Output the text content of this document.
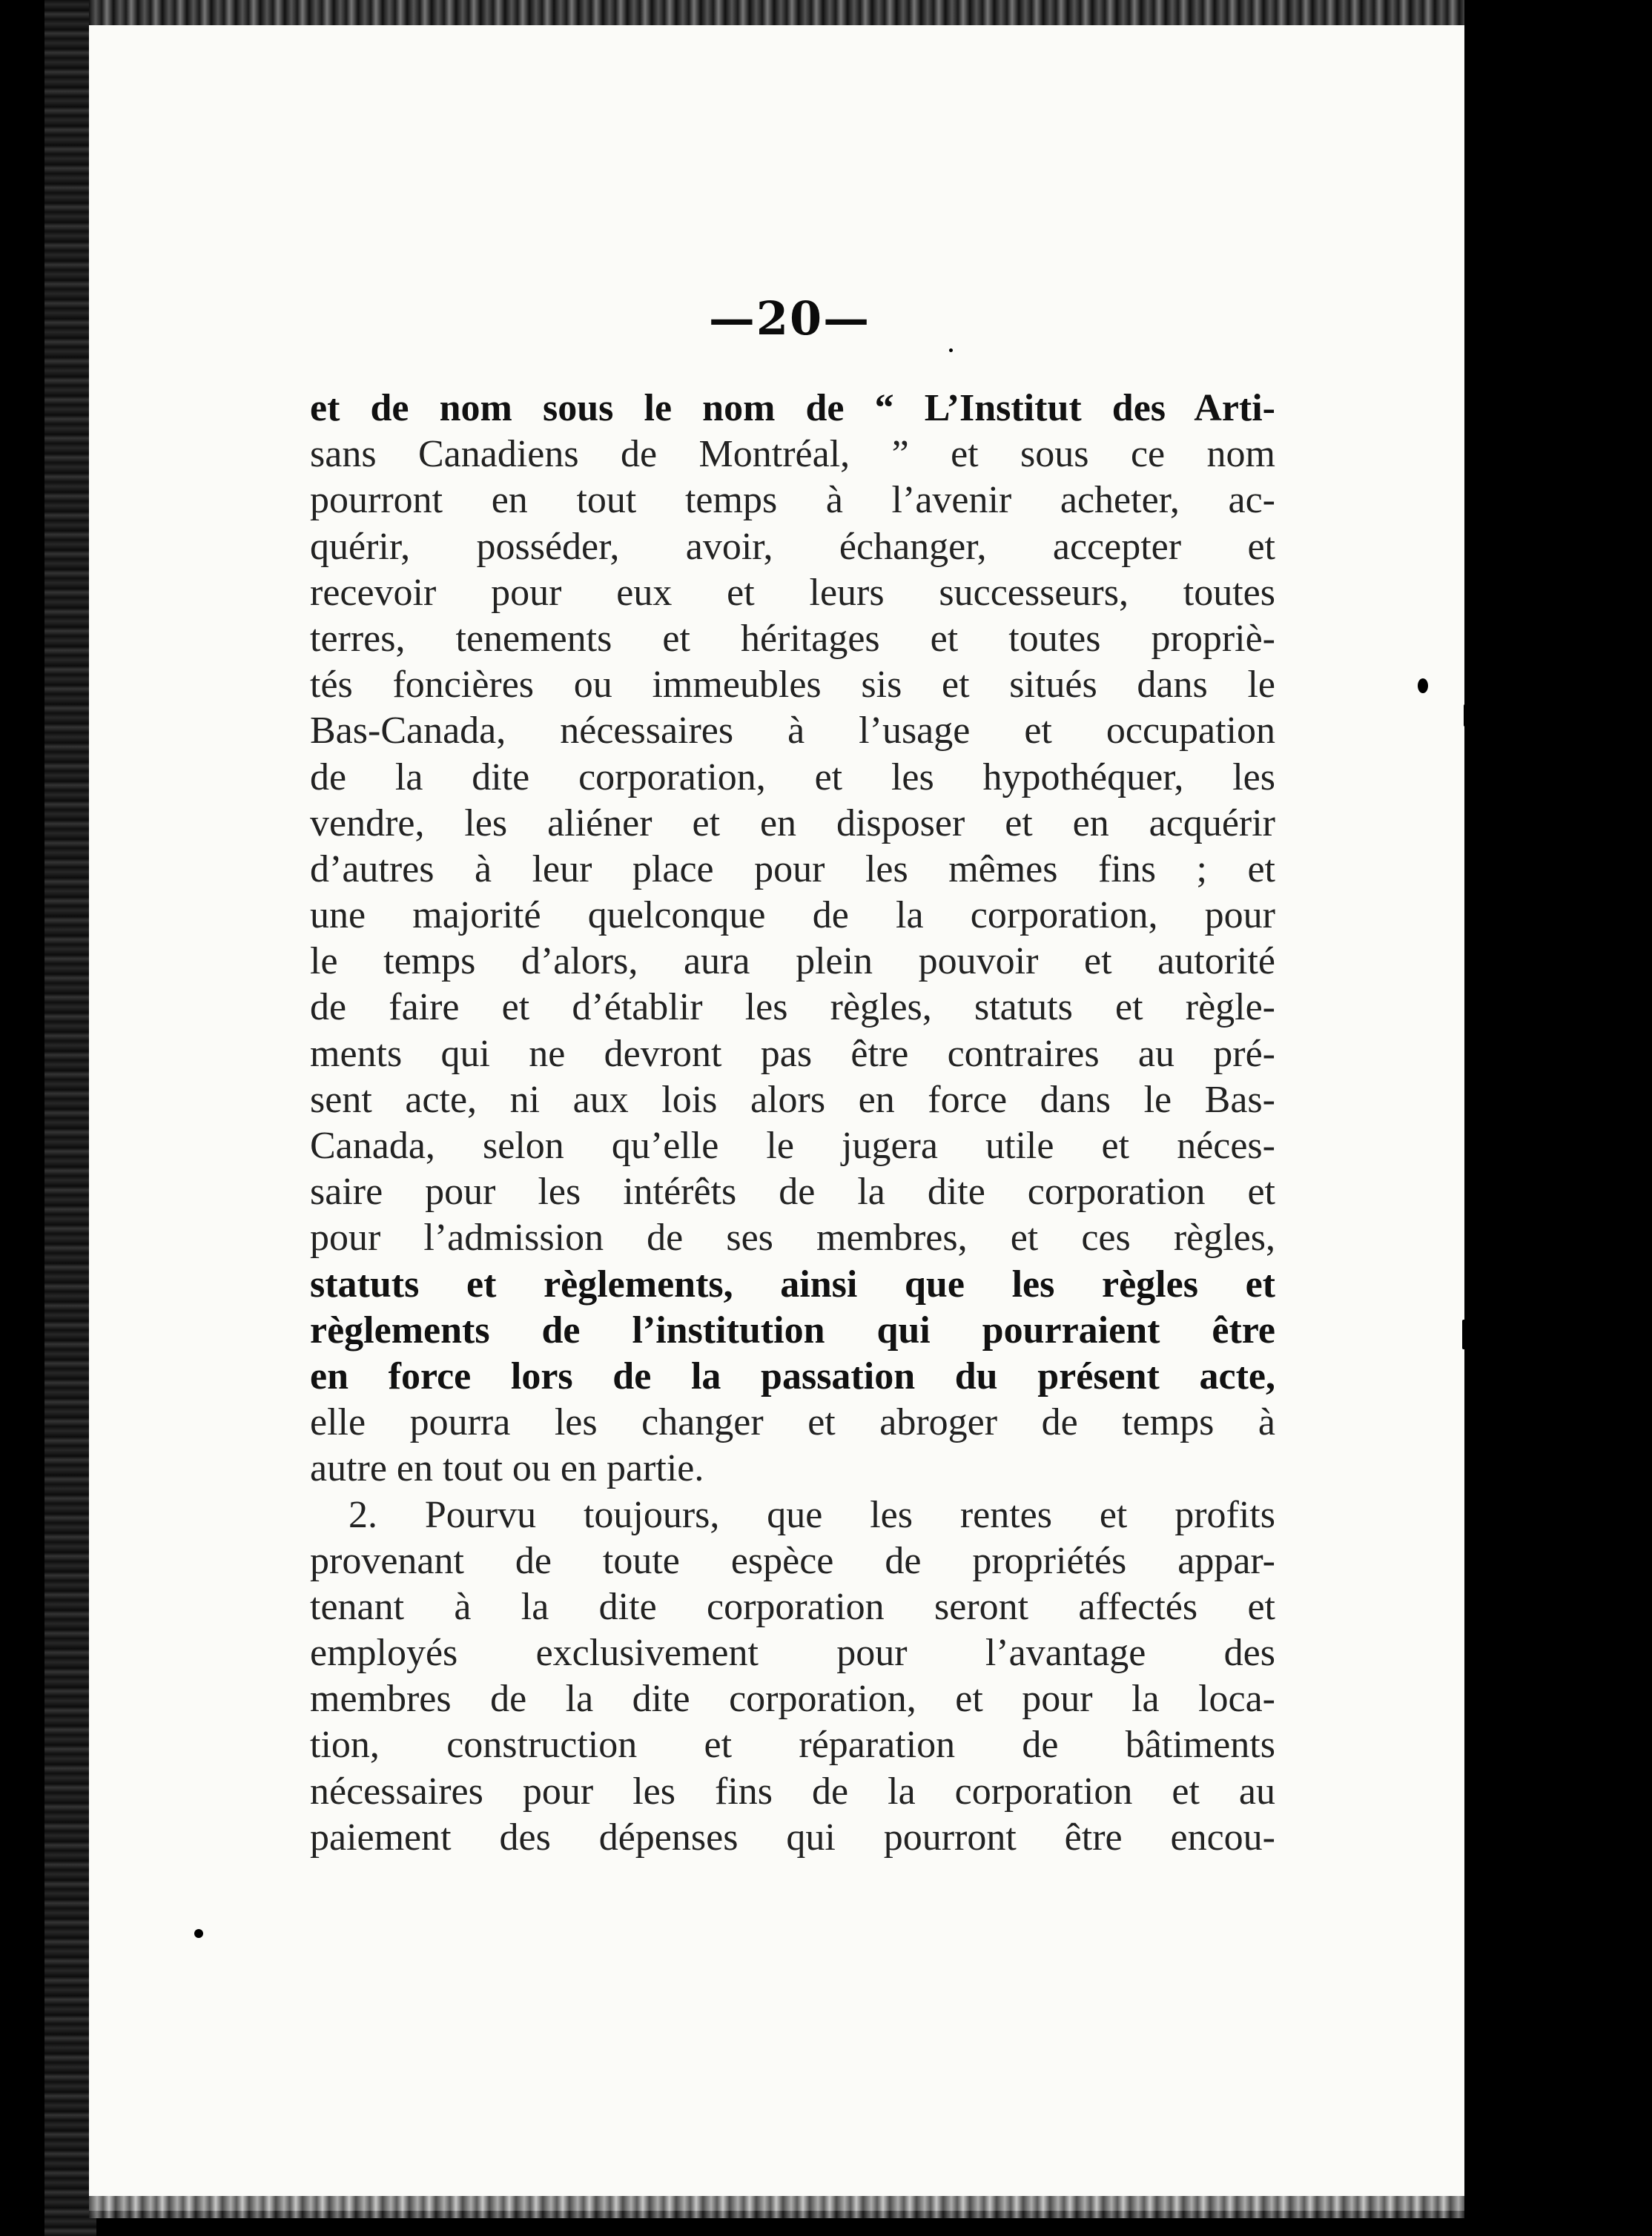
—20—
et de nom sous le nom de “ L’Institut des Arti-
sans Canadiens de Montréal, ” et sous ce nom
pourront en tout temps à l’avenir acheter, ac-
quérir, posséder, avoir, échanger, accepter et
recevoir pour eux et leurs successeurs, toutes
terres, tenements et héritages et toutes propriè-
tés foncières ou immeubles sis et situés dans le
Bas-Canada, nécessaires à l’usage et occupation
de la dite corporation, et les hypothéquer, les
vendre, les aliéner et en disposer et en acquérir
d’autres à leur place pour les mêmes fins ; et
une majorité quelconque de la corporation, pour
le temps d’alors, aura plein pouvoir et autorité
de faire et d’établir les règles, statuts et règle-
ments qui ne devront pas être contraires au pré-
sent acte, ni aux lois alors en force dans le Bas-
Canada, selon qu’elle le jugera utile et néces-
saire pour les intérêts de la dite corporation et
pour l’admission de ses membres, et ces règles,
statuts et règlements, ainsi que les règles et
règlements de l’institution qui pourraient être
en force lors de la passation du présent acte,
elle pourra les changer et abroger de temps à
autre en tout ou en partie.
2. Pourvu toujours, que les rentes et profits
provenant de toute espèce de propriétés appar-
tenant à la dite corporation seront affectés et
employés exclusivement pour l’avantage des
membres de la dite corporation, et pour la loca-
tion, construction et réparation de bâtiments
nécessaires pour les fins de la corporation et au
paiement des dépenses qui pourront être encou-
